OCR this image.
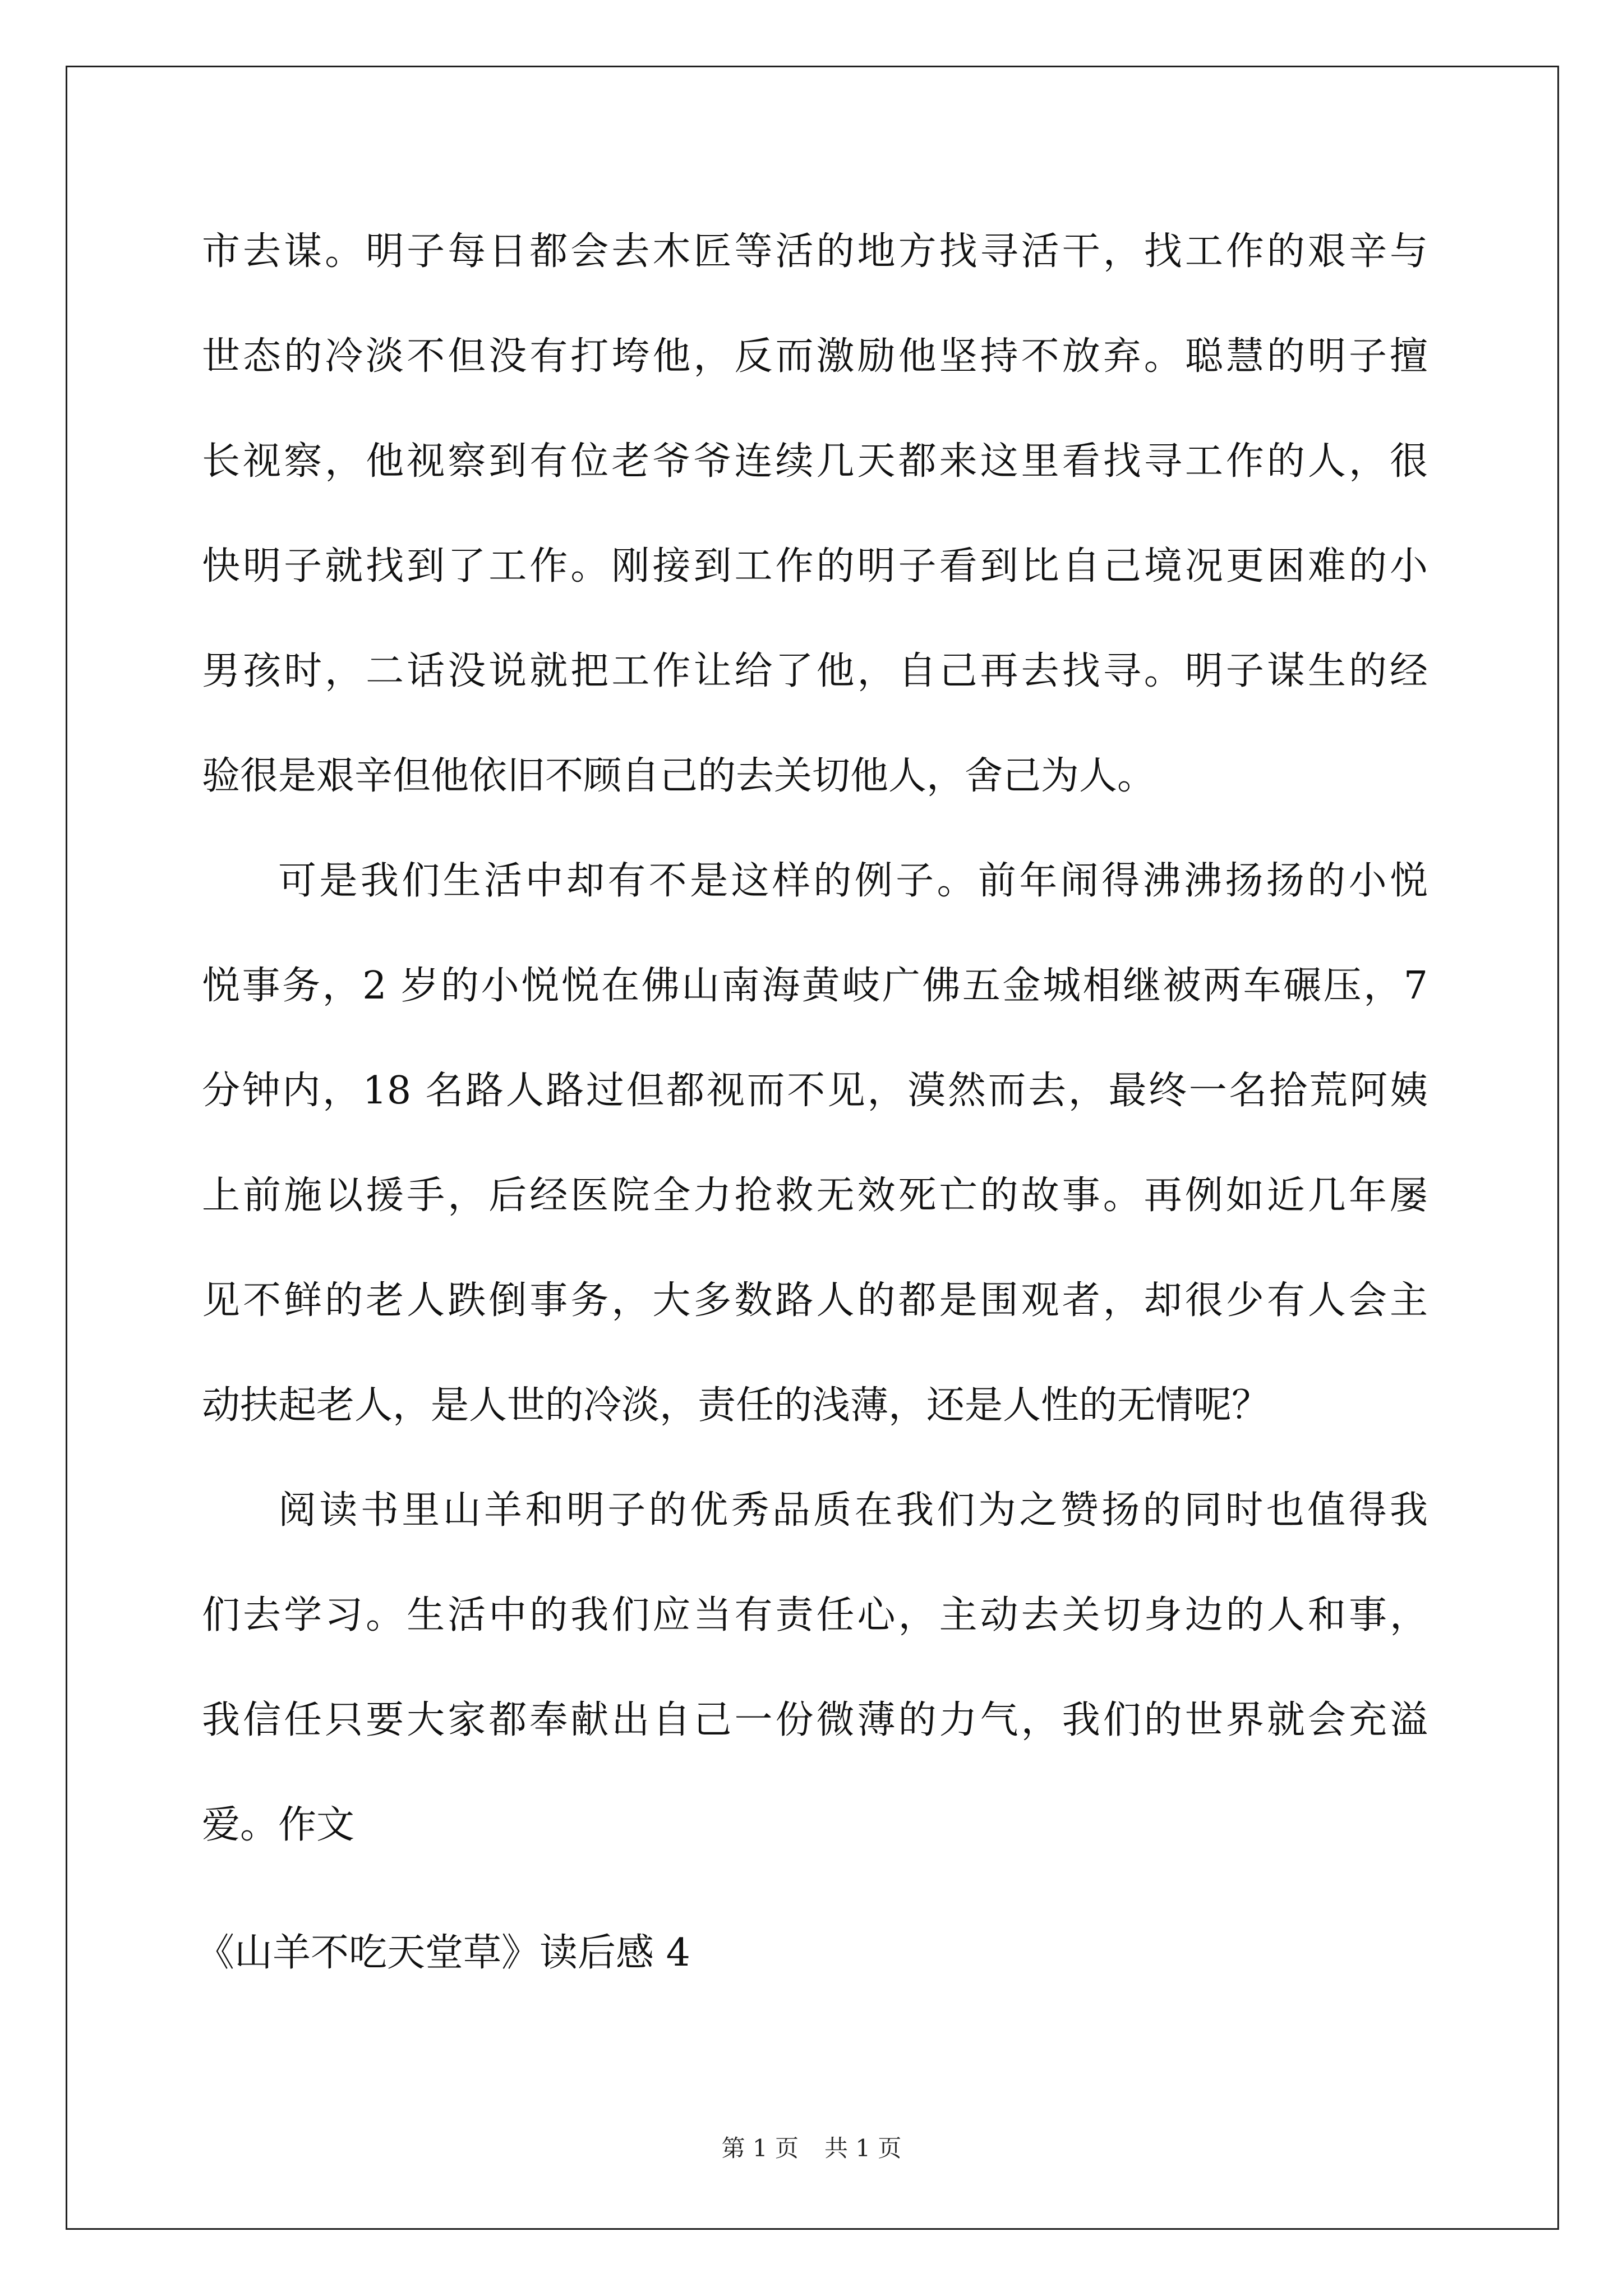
市去谋。明子每日都会去木匠等活的地方找寻活干，找工作的艰辛与
世态的冷淡不但没有打垮他，反而激励他坚持不放弃。聪慧的明子擅
长视察，他视察到有位老爷爷连续几天都来这里看找寻工作的人，很
快明子就找到了工作。刚接到工作的明子看到比自己境况更困难的小
男孩时，二话没说就把工作让给了他，自己再去找寻。明子谋生的经
验很是艰辛但他依旧不顾自己的去关切他人，舍己为人。
可是我们生活中却有不是这样的例子。前年闹得沸沸扬扬的小悦
悦事务，2 岁的小悦悦在佛山南海黄岐广佛五金城相继被两车碾压，7
分钟内，18 名路人路过但都视而不见，漠然而去，最终一名拾荒阿姨
上前施以援手，后经医院全力抢救无效死亡的故事。再例如近几年屡
见不鲜的老人跌倒事务，大多数路人的都是围观者，却很少有人会主
动扶起老人，是人世的冷淡，责任的浅薄，还是人性的无情呢？
阅读书里山羊和明子的优秀品质在我们为之赞扬的同时也值得我
们去学习。生活中的我们应当有责任心，主动去关切身边的人和事，
我信任只要大家都奉献出自己一份微薄的力气，我们的世界就会充溢
爱。作文
《山羊不吃天堂草》读后感 4
第 1 页 共 1 页
